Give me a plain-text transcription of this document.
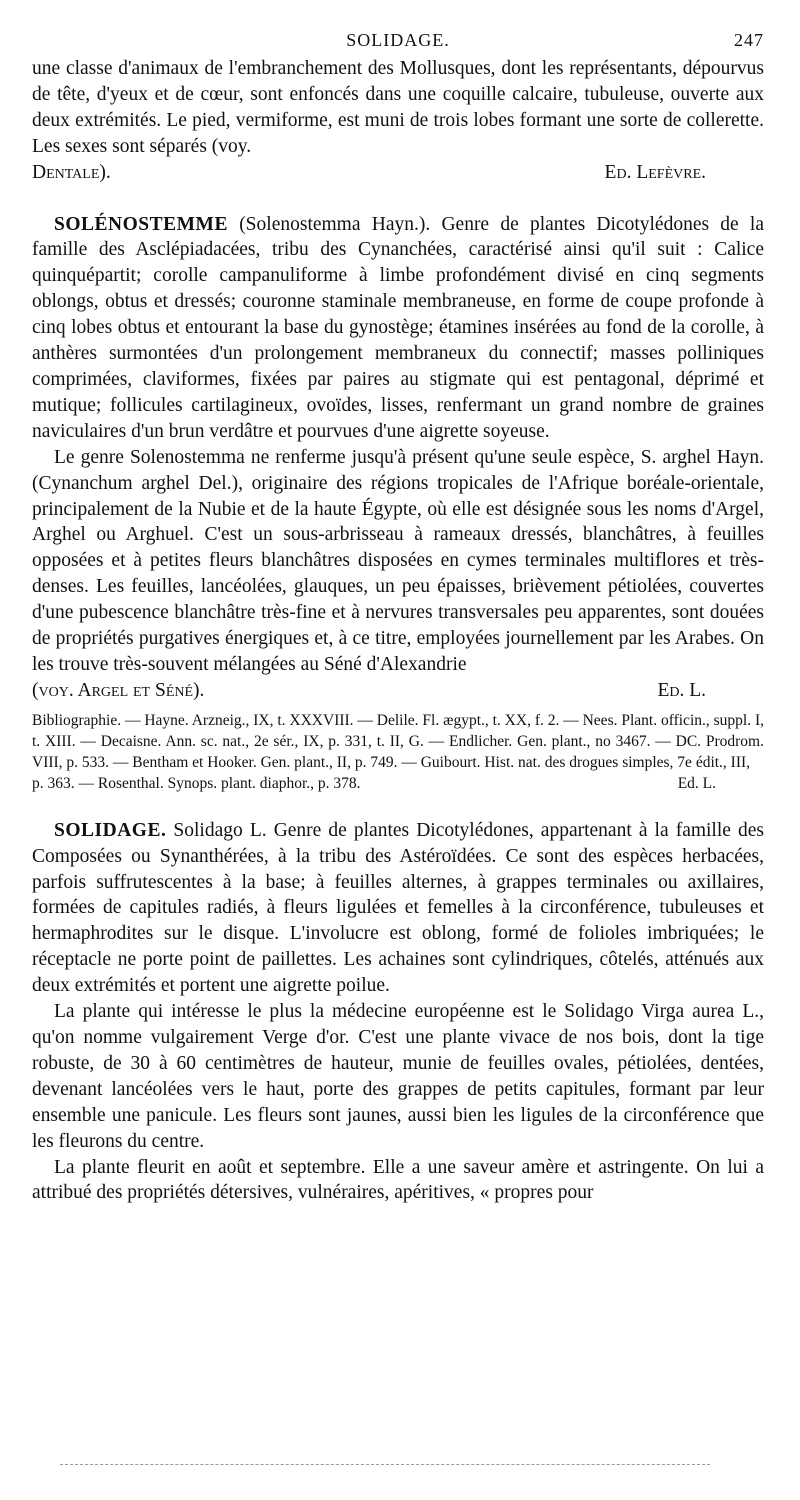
SOLIDAGE.	247

une classe d'animaux de l'embranchement des Mollusques, dont les représentants, dépourvus de tête, d'yeux et de cœur, sont enfoncés dans une coquille calcaire, tubuleuse, ouverte aux deux extrémités. Le pied, vermiforme, est muni de trois lobes formant une sorte de collerette. Les sexes sont séparés (voy.

Dentale).	Ed. Lefèvre.

SOLÉNOSTEMME (Solenostemma Hayn.). Genre de plantes Dicotylédones de la famille des Asclépiadacées, tribu des Cynanchées, caractérisé ainsi qu'il suit : Calice quinquépartit; corolle campanuliforme à limbe profondément divisé en cinq segments oblongs, obtus et dressés; couronne staminale membraneuse, en forme de coupe profonde à cinq lobes obtus et entourant la base du gynostège; étamines insérées au fond de la corolle, à anthères surmontées d'un prolongement membraneux du connectif; masses polliniques comprimées, claviformes, fixées par paires au stigmate qui est pentagonal, déprimé et mutique; follicules cartilagineux, ovoïdes, lisses, renfermant un grand nombre de graines naviculaires d'un brun verdâtre et pourvues d'une aigrette soyeuse.

Le genre Solenostemma ne renferme jusqu'à présent qu'une seule espèce, S. arghel Hayn. (Cynanchum arghel Del.), originaire des régions tropicales de l'Afrique boréale-orientale, principalement de la Nubie et de la haute Égypte, où elle est désignée sous les noms d'Argel, Arghel ou Arghuel. C'est un sous-arbrisseau à rameaux dressés, blanchâtres, à feuilles opposées et à petites fleurs blanchâtres disposées en cymes terminales multiflores et très-denses. Les feuilles, lancéolées, glauques, un peu épaisses, brièvement pétiolées, couvertes d'une pubescence blanchâtre très-fine et à nervures transversales peu apparentes, sont douées de propriétés purgatives énergiques et, à ce titre, employées journellement par les Arabes. On les trouve très-souvent mélangées au Séné d'Alexandrie

(voy. Argel et Séné).	Ed. L.

Bibliographie. — Hayne. Arzneig., IX, t. XXXVIII. — Delile. Fl. ægypt., t. XX, f. 2. — Nees. Plant. officin., suppl. I, t. XIII. — Decaisne. Ann. sc. nat., 2e sér., IX, p. 331, t. II, G. — Endlicher. Gen. plant., no 3467. — DC. Prodrom. VIII, p. 533. — Bentham et Hooker. Gen. plant., II, p. 749. — Guibourt. Hist. nat. des drogues simples, 7e édit., III,

p. 363. — Rosenthal. Synops. plant. diaphor., p. 378.	Ed. L.

SOLIDAGE. Solidago L. Genre de plantes Dicotylédones, appartenant à la famille des Composées ou Synanthérées, à la tribu des Astéroïdées. Ce sont des espèces herbacées, parfois suffrutescentes à la base; à feuilles alternes, à grappes terminales ou axillaires, formées de capitules radiés, à fleurs ligulées et femelles à la circonférence, tubuleuses et hermaphrodites sur le disque. L'involucre est oblong, formé de folioles imbriquées; le réceptacle ne porte point de paillettes. Les achaines sont cylindriques, côtelés, atténués aux deux extrémités et portent une aigrette poilue.

La plante qui intéresse le plus la médecine européenne est le Solidago Virga aurea L., qu'on nomme vulgairement Verge d'or. C'est une plante vivace de nos bois, dont la tige robuste, de 30 à 60 centimètres de hauteur, munie de feuilles ovales, pétiolées, dentées, devenant lancéolées vers le haut, porte des grappes de petits capitules, formant par leur ensemble une panicule. Les fleurs sont jaunes, aussi bien les ligules de la circonférence que les fleurons du centre.

La plante fleurit en août et septembre. Elle a une saveur amère et astringente. On lui a attribué des propriétés détersives, vulnéraires, apéritives, « propres pour
